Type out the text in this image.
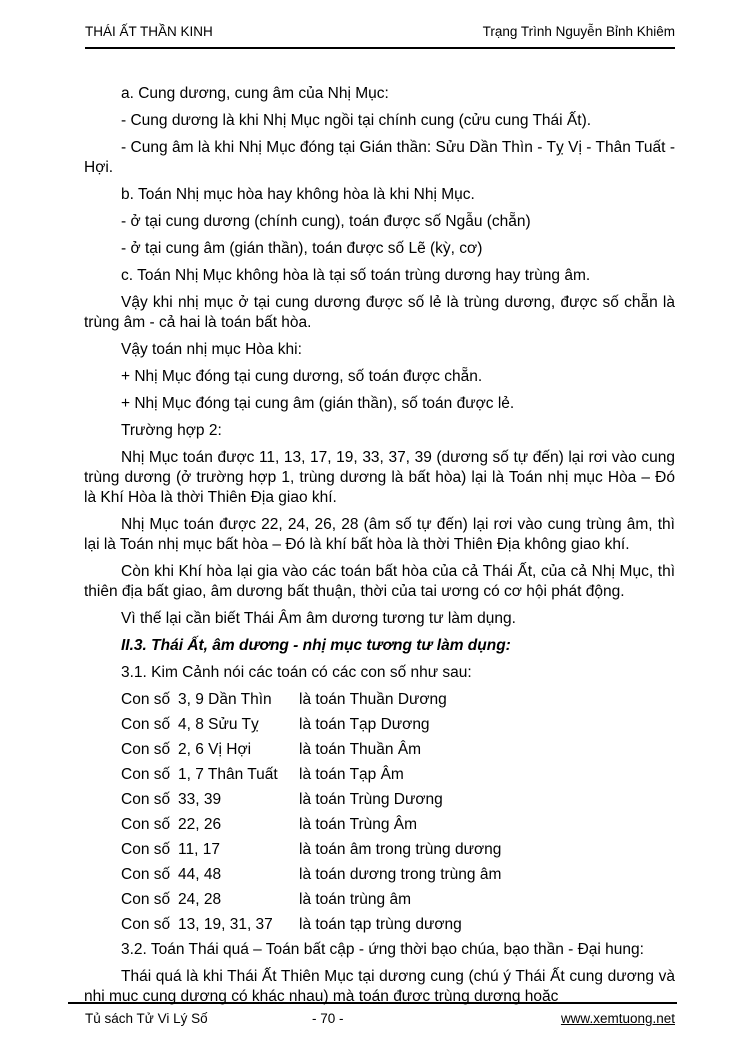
THÁI ẤT THẦN KINH	Trạng Trình Nguyễn Bỉnh Khiêm

a. Cung dương, cung âm của Nhị Mục:

- Cung dương là khi Nhị Mục ngồi tại chính cung (cửu cung Thái Ất).

- Cung âm là khi Nhị Mục đóng tại Gián thần: Sửu Dần Thìn - Tỵ Vị - Thân Tuất - Hợi.

b. Toán Nhị mục hòa hay không hòa là khi Nhị Mục.

- ở tại cung dương (chính cung), toán được số Ngẫu (chẵn)

- ở tại cung âm (gián thần), toán được số Lẽ (kỳ, cơ)

c. Toán Nhị Mục không hòa là tại số toán trùng dương hay trùng âm.

Vậy khi nhị mục ở tại cung dương được số lẻ là trùng dương, được số chẵn là trùng âm - cả hai là toán bất hòa.

Vậy toán nhị mục Hòa khi:

+ Nhị Mục đóng tại cung dương, số toán được chẵn.

+ Nhị Mục đóng tại cung âm (gián thần), số toán được lẻ.

Trường hợp 2:

Nhị Mục toán được 11, 13, 17, 19, 33, 37, 39 (dương số tự đến) lại rơi vào cung trùng dương (ở trường hợp 1, trùng dương là bất hòa) lại là Toán nhị mục Hòa – Đó là Khí Hòa là thời Thiên Địa giao khí.

Nhị Mục toán được 22, 24, 26, 28 (âm số tự đến) lại rơi vào cung trùng âm, thì lại là Toán nhị mục bất hòa – Đó là khí bất hòa là thời Thiên Địa không giao khí.

Còn khi Khí hòa lại gia vào các toán bất hòa của cả Thái Ất, của cả Nhị Mục, thì thiên địa bất giao, âm dương bất thuận, thời của tai ương có cơ hội phát động.

Vì thế lại cần biết Thái Âm âm dương tương tư làm dụng.

II.3. Thái Ất, âm dương - nhị mục tương tư làm dụng:

3.1. Kim Cảnh nói các toán có các con số như sau:

Con số 3, 9 Dần Thìn	là toán Thuần Dương
Con số 4, 8 Sửu Tỵ	là toán Tạp Dương
Con số 2, 6 Vị Hợi	là toán Thuần Âm
Con số 1, 7 Thân Tuất	là toán Tạp Âm
Con số 33, 39	là toán Trùng Dương
Con số 22, 26	là toán Trùng Âm
Con số 11, 17	là toán âm trong trùng dương
Con số 44, 48	là toán dương trong trùng âm
Con số 24, 28	là toán trùng âm
Con số 13, 19, 31, 37	là toán tạp trùng dương

3.2. Toán Thái quá – Toán bất cập - ứng thời bạo chúa, bạo thần - Đại hung:

Thái quá là khi Thái Ất Thiên Mục tại dương cung (chú ý Thái Ất cung dương và nhị mục cung dương có khác nhau) mà toán được trùng dương hoặc

Tủ sách Tử Vi Lý Số	- 70 -	www.xemtuong.net
